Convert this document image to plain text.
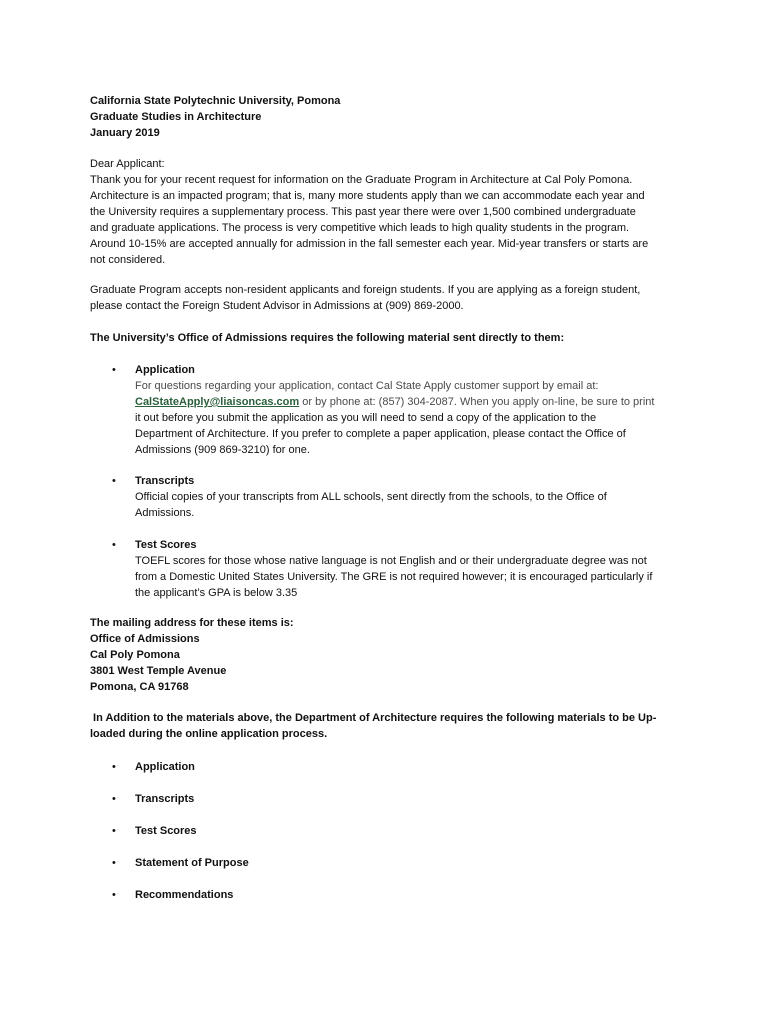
California State Polytechnic University, Pomona

Graduate Studies in Architecture

January 2019

Dear Applicant:

Thank you for your recent request for information on the Graduate Program in Architecture at Cal Poly Pomona.

Architecture is an impacted program; that is, many more students apply than we can accommodate each year and

the University requires a supplementary process. This past year there were over 1,500 combined undergraduate

and graduate applications. The process is very competitive which leads to high quality students in the program.

Around 10-15% are accepted annually for admission in the fall semester each year. Mid-year transfers or starts are

not considered.

Graduate Program accepts non-resident applicants and foreign students. If you are applying as a foreign student,

please contact the Foreign Student Advisor in Admissions at (909) 869-2000.

The University’s Office of Admissions requires the following material sent directly to them:

• Application

For questions regarding your application, contact Cal State Apply customer support by email at:

CalStateApply@liaisoncas.com or by phone at: (857) 304-2087. When you apply on-line, be sure to print

it out before you submit the application as you will need to send a copy of the application to the

Department of Architecture. If you prefer to complete a paper application, please contact the Office of

Admissions (909 869-3210) for one.

• Transcripts

Official copies of your transcripts from ALL schools, sent directly from the schools, to the Office of

Admissions.

• Test Scores

TOEFL scores for those whose native language is not English and or their undergraduate degree was not

from a Domestic United States University. The GRE is not required however; it is encouraged particularly if

the applicant’s GPA is below 3.35

The mailing address for these items is:

Office of Admissions

Cal Poly Pomona

3801 West Temple Avenue

Pomona, CA 91768

In Addition to the materials above, the Department of Architecture requires the following materials to be Up-

loaded during the online application process.

• Application
• Transcripts
• Test Scores
• Statement of Purpose
• Recommendations
